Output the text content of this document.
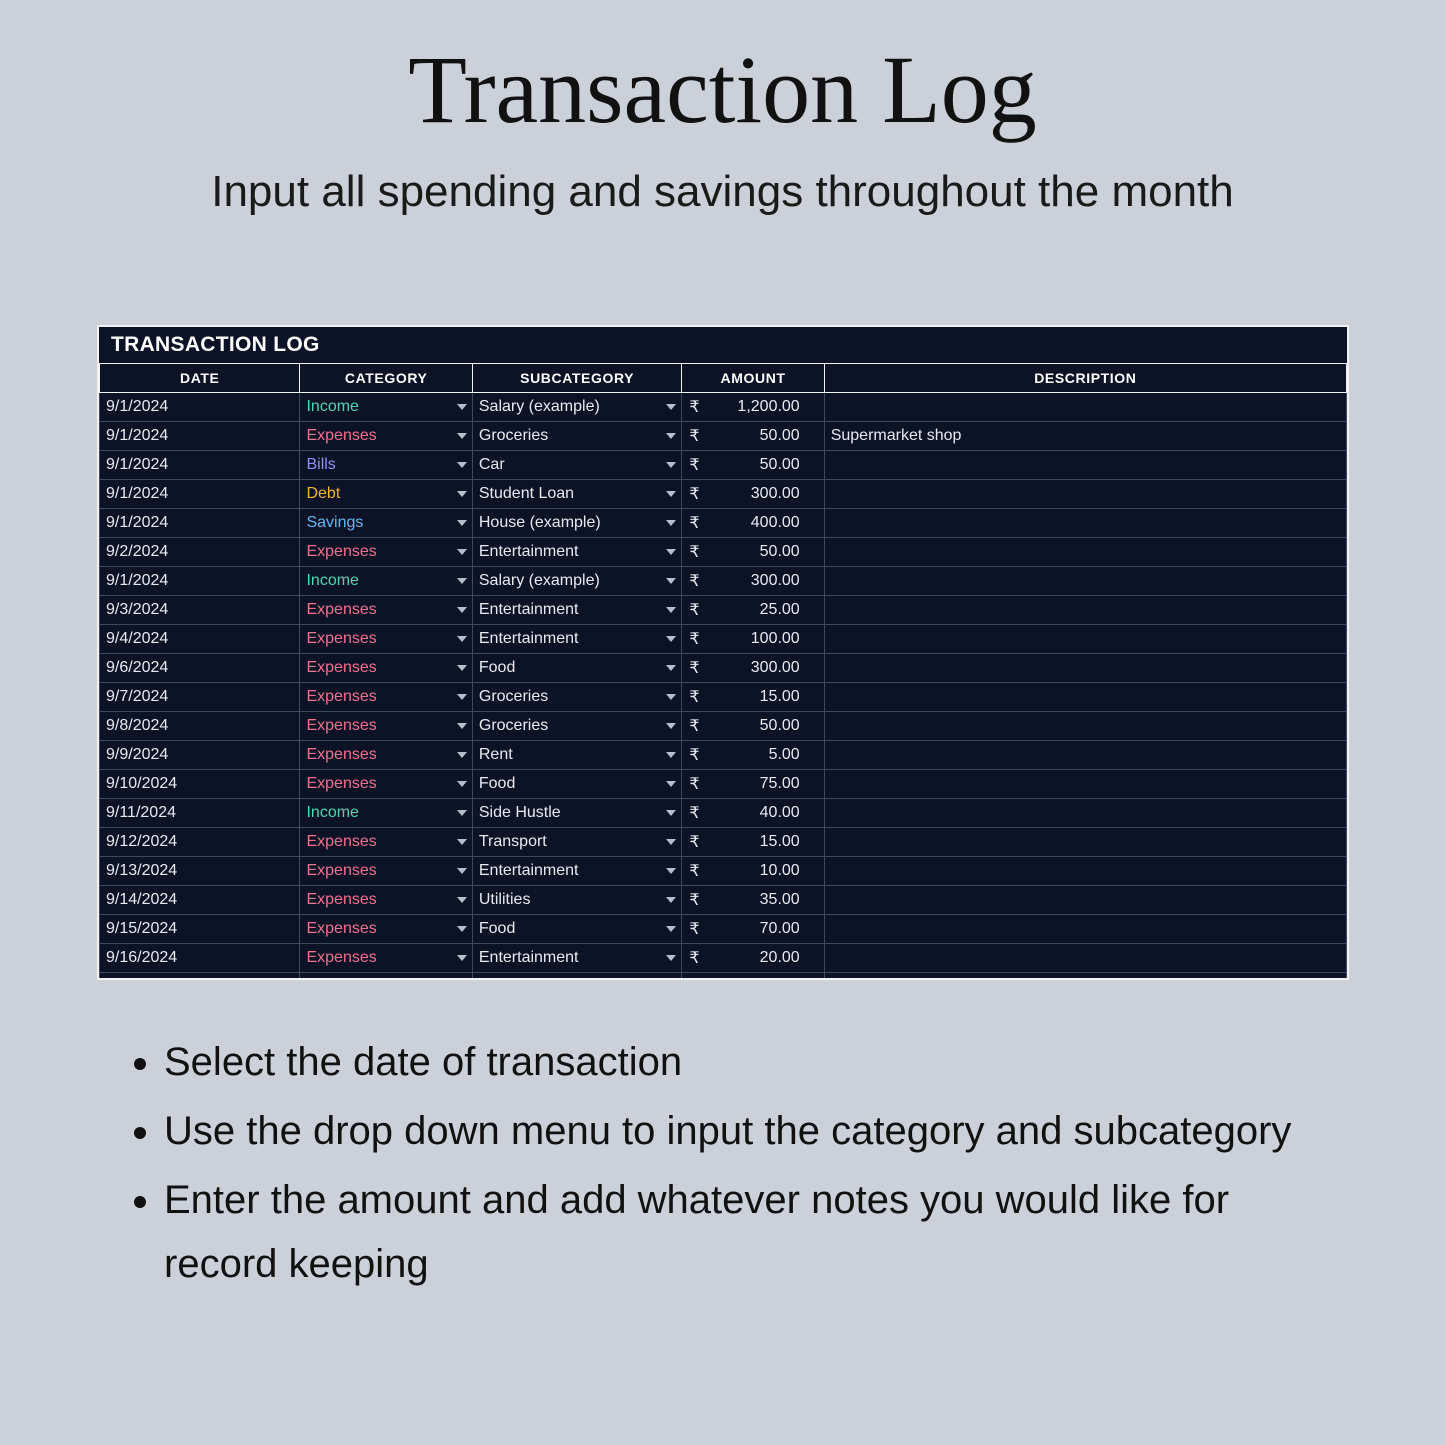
Transaction Log
Input all spending and savings throughout the month
TRANSACTION LOG
DATE	CATEGORY	SUBCATEGORY	AMOUNT	DESCRIPTION
9/1/2024	Income	Salary (example)	₹ 1,200.00	
9/1/2024	Expenses	Groceries	₹ 50.00	Supermarket shop
9/1/2024	Bills	Car	₹ 50.00	
9/1/2024	Debt	Student Loan	₹ 300.00	
9/1/2024	Savings	House (example)	₹ 400.00	
9/2/2024	Expenses	Entertainment	₹ 50.00	
9/1/2024	Income	Salary (example)	₹ 300.00	
9/3/2024	Expenses	Entertainment	₹ 25.00	
9/4/2024	Expenses	Entertainment	₹ 100.00	
9/6/2024	Expenses	Food	₹ 300.00	
9/7/2024	Expenses	Groceries	₹ 15.00	
9/8/2024	Expenses	Groceries	₹ 50.00	
9/9/2024	Expenses	Rent	₹ 5.00	
9/10/2024	Expenses	Food	₹ 75.00	
9/11/2024	Income	Side Hustle	₹ 40.00	
9/12/2024	Expenses	Transport	₹ 15.00	
9/13/2024	Expenses	Entertainment	₹ 10.00	
9/14/2024	Expenses	Utilities	₹ 35.00	
9/15/2024	Expenses	Food	₹ 70.00	
9/16/2024	Expenses	Entertainment	₹ 20.00	

• Select the date of transaction
• Use the drop down menu to input the category and subcategory
• Enter the amount and add whatever notes you would like for record keeping
